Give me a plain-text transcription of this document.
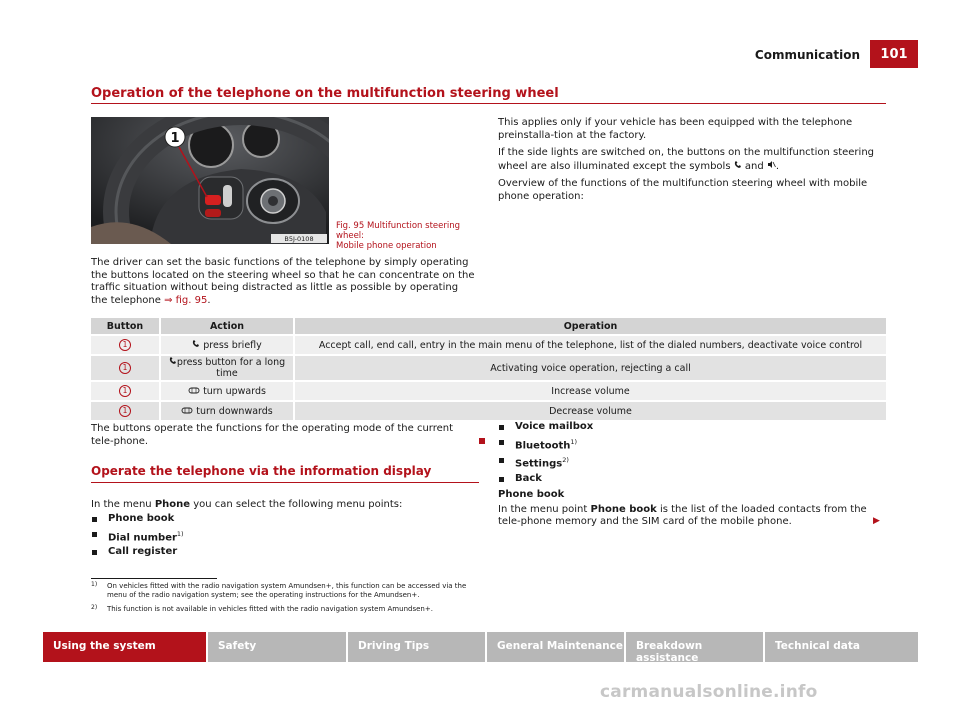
Communication	101
Operation of the telephone on the multifunction steering wheel
1
B5J-0108
Fig. 95 Multifunction steering wheel:
Mobile phone operation
The driver can set the basic functions of the telephone by simply operating the buttons located on the steering wheel so that he can concentrate on the traffic situation without being distracted as little as possible by operating the telephone ⇒ fig. 95.

This applies only if your vehicle has been equipped with the telephone preinstalla-tion at the factory.

If the side lights are switched on, the buttons on the multifunction steering wheel are also illuminated except the symbols and .

Overview of the functions of the multifunction steering wheel with mobile phone operation:

Button	Action	Operation
1	press briefly	Accept call, end call, entry in the main menu of the telephone, list of the dialed numbers, deactivate voice control
1	press button for a long time	Activating voice operation, rejecting a call
1	turn upwards	Increase volume
1	turn downwards	Decrease volume
The buttons operate the functions for the operating mode of the current tele-phone.
Operate the telephone via the information display
In the menu Phone you can select the following menu points:
Phone book
Dial number$^{1)}$
Call register
Voice mailbox
Bluetooth$^{1)}$
Settings$^{2)}$
Back
Phone book
In the menu point Phone book is the list of the loaded contacts from the tele-phone memory and the SIM card of the mobile phone.	▶
1)	On vehicles fitted with the radio navigation system Amundsen+, this function can be accessed via the menu of the radio navigation system; see the operating instructions for the Amundsen+.
2)	This function is not available in vehicles fitted with the radio navigation system Amundsen+.
Using the system	Safety	Driving Tips	General Maintenance	Breakdown assistance
Technical data
carmanualsonline.info
